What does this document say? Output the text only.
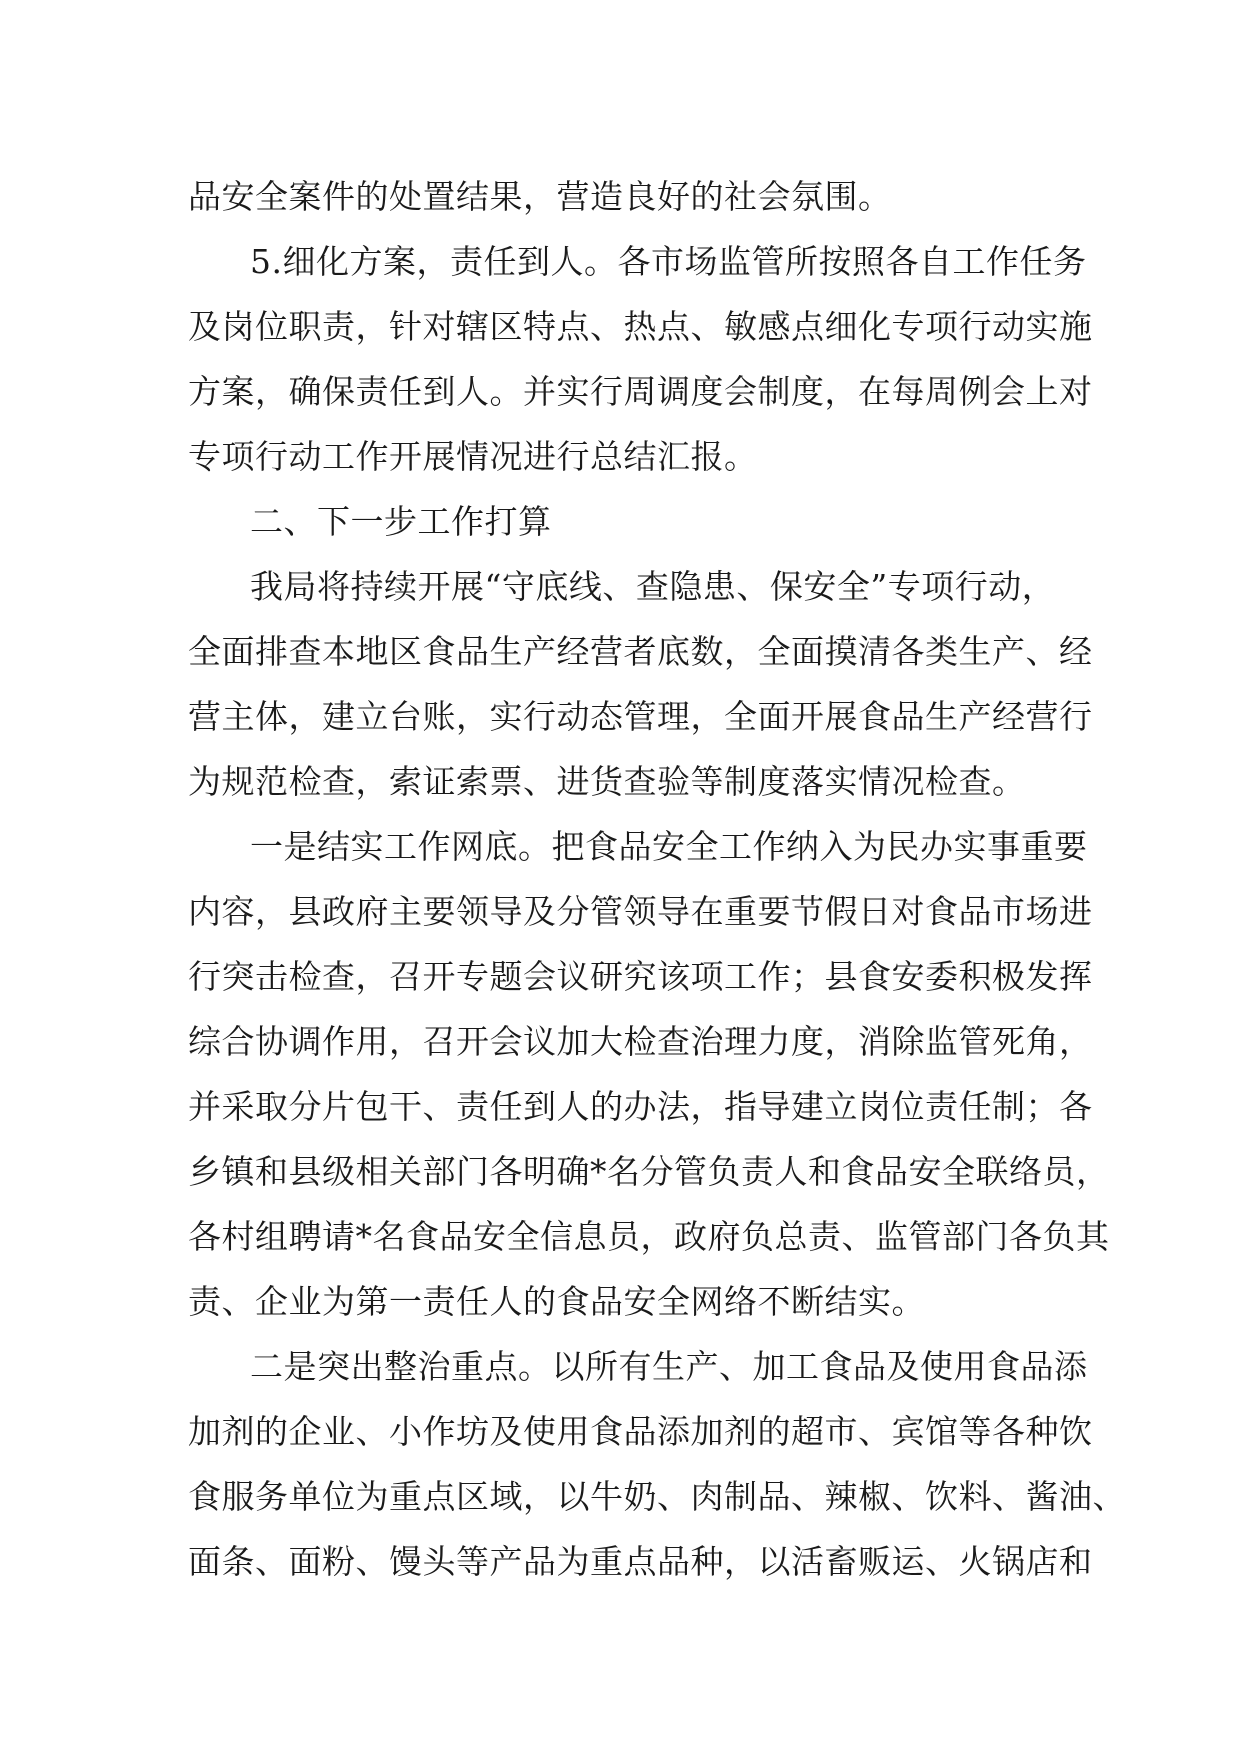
品安全案件的处置结果，营造良好的社会氛围。
5.细化方案，责任到人。各市场监管所按照各自工作任务
及岗位职责，针对辖区特点、热点、敏感点细化专项行动实施
方案，确保责任到人。并实行周调度会制度，在每周例会上对
专项行动工作开展情况进行总结汇报。
二、下一步工作打算
我局将持续开展“守底线、查隐患、保安全”专项行动，
全面排查本地区食品生产经营者底数，全面摸清各类生产、经
营主体，建立台账，实行动态管理，全面开展食品生产经营行
为规范检查，索证索票、进货查验等制度落实情况检查。
一是结实工作网底。把食品安全工作纳入为民办实事重要
内容，县政府主要领导及分管领导在重要节假日对食品市场进
行突击检查，召开专题会议研究该项工作；县食安委积极发挥
综合协调作用，召开会议加大检查治理力度，消除监管死角，
并采取分片包干、责任到人的办法，指导建立岗位责任制；各
乡镇和县级相关部门各明确*名分管负责人和食品安全联络员，
各村组聘请*名食品安全信息员，政府负总责、监管部门各负其
责、企业为第一责任人的食品安全网络不断结实。
二是突出整治重点。以所有生产、加工食品及使用食品添
加剂的企业、小作坊及使用食品添加剂的超市、宾馆等各种饮
食服务单位为重点区域，以牛奶、肉制品、辣椒、饮料、酱油、
面条、面粉、馒头等产品为重点品种，以活畜贩运、火锅店和
